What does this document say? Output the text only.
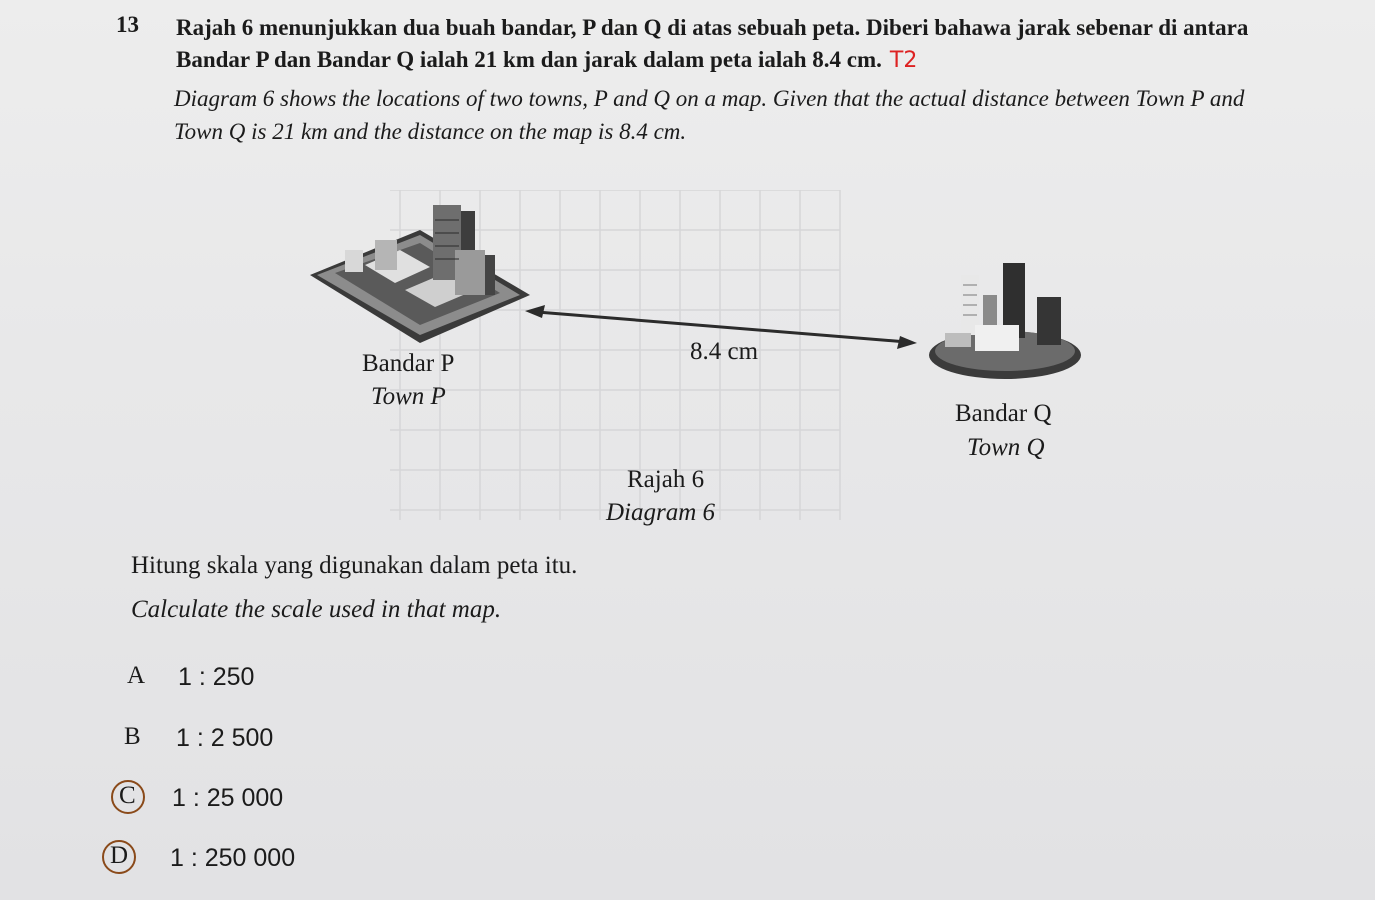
13 Rajah 6 menunjukkan dua buah bandar, P dan Q di atas sebuah peta. Diberi bahawa jarak sebenar di antara Bandar P dan Bandar Q ialah 21 km dan jarak dalam peta ialah 8.4 cm. T2
Diagram 6 shows the locations of two towns, P and Q on a map. Given that the actual distance between Town P and Town Q is 21 km and the distance on the map is 8.4 cm.
8.4 cm
Bandar P
Town P
Bandar Q
Town Q
Rajah 6
Diagram 6
Hitung skala yang digunakan dalam peta itu.
Calculate the scale used in that map.
A 1 : 250
B 1 : 2 500
C 1 : 25 000
D 1 : 250 000
